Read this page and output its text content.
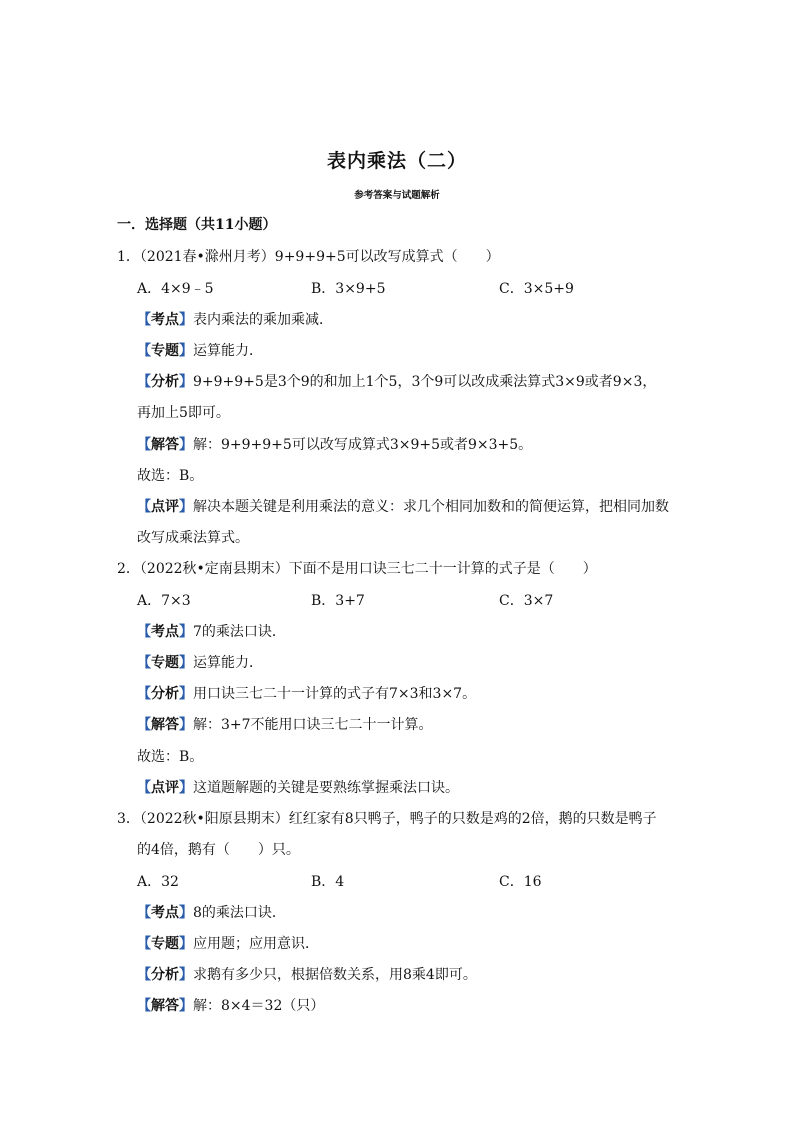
表内乘法（二）
参考答案与试题解析
一．选择题（共11小题）
1．（2021春•滁州月考）9+9+9+5可以改写成算式（　　）
A．4×9﹣5	B．3×9+5	C．3×5+9
【考点】表内乘法的乘加乘减．
【专题】运算能力．
【分析】9+9+9+5是3个9的和加上1个5，3个9可以改成乘法算式3×9或者9×3，
再加上5即可。
【解答】解：9+9+9+5可以改写成算式3×9+5或者9×3+5。
故选：B。
【点评】解决本题关键是利用乘法的意义：求几个相同加数和的简便运算，把相同加数
改写成乘法算式。
2．（2022秋•定南县期末）下面不是用口诀三七二十一计算的式子是（　　）
A．7×3	B．3+7	C．3×7
【考点】7的乘法口诀．
【专题】运算能力．
【分析】用口诀三七二十一计算的式子有7×3和3×7。
【解答】解：3+7不能用口诀三七二十一计算。
故选：B。
【点评】这道题解题的关键是要熟练掌握乘法口诀。
3．（2022秋•阳原县期末）红红家有8只鸭子，鸭子的只数是鸡的2倍，鹅的只数是鸭子
的4倍，鹅有（　　）只。
A．32	B．4	C．16
【考点】8的乘法口诀．
【专题】应用题；应用意识．
【分析】求鹅有多少只，根据倍数关系，用8乘4即可。
【解答】解：8×4＝32（只）
